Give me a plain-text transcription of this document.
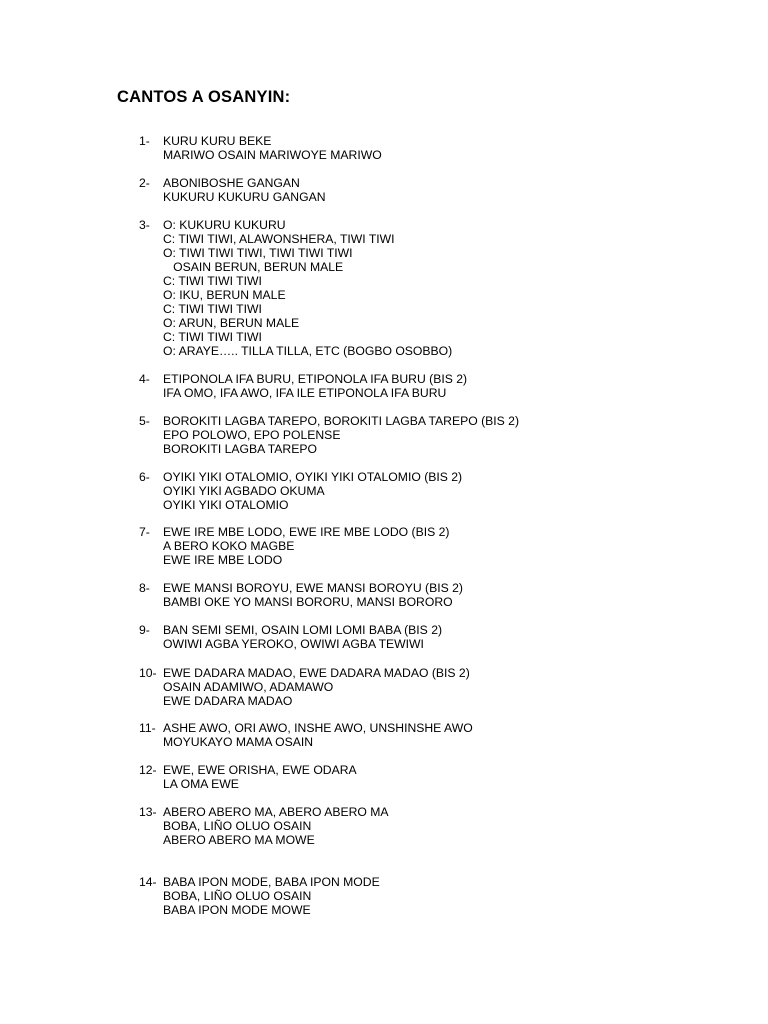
CANTOS A OSANYIN:
1- KURU KURU BEKE
MARIWO OSAIN MARIWOYE MARIWO
2- ABONIBOSHE GANGAN
KUKURU KUKURU GANGAN
3- O: KUKURU KUKURU
C: TIWI TIWI, ALAWONSHERA, TIWI TIWI
O: TIWI TIWI TIWI, TIWI TIWI TIWI
OSAIN BERUN, BERUN MALE
C: TIWI TIWI TIWI
O: IKU, BERUN MALE
C: TIWI TIWI TIWI
O: ARUN, BERUN MALE
C: TIWI TIWI TIWI
O: ARAYE….. TILLA TILLA, ETC (BOGBO OSOBBO)
4- ETIPONOLA IFA BURU, ETIPONOLA IFA BURU (BIS 2)
IFA OMO, IFA AWO, IFA ILE ETIPONOLA IFA BURU
5- BOROKITI LAGBA TAREPO, BOROKITI LAGBA TAREPO (BIS 2)
EPO POLOWO, EPO POLENSE
BOROKITI LAGBA TAREPO
6- OYIKI YIKI OTALOMIO, OYIKI YIKI OTALOMIO (BIS 2)
OYIKI YIKI AGBADO OKUMA
OYIKI YIKI OTALOMIO
7- EWE IRE MBE LODO, EWE IRE MBE LODO (BIS 2)
A BERO KOKO MAGBE
EWE IRE MBE LODO
8- EWE MANSI BOROYU, EWE MANSI BOROYU (BIS 2)
BAMBI OKE YO MANSI BORORU, MANSI BORORO
9- BAN SEMI SEMI, OSAIN LOMI LOMI BABA (BIS 2)
OWIWI AGBA YEROKO, OWIWI AGBA TEWIWI
10- EWE DADARA MADAO, EWE DADARA MADAO (BIS 2)
OSAIN ADAMIWO, ADAMAWO
EWE DADARA MADAO
11- ASHE AWO, ORI AWO, INSHE AWO, UNSHINSHE AWO
MOYUKAYO MAMA OSAIN
12- EWE, EWE ORISHA, EWE ODARA
LA OMA EWE
13- ABERO ABERO MA, ABERO ABERO MA
BOBA, LIÑO OLUO OSAIN
ABERO ABERO MA MOWE
14- BABA IPON MODE, BABA IPON MODE
BOBA, LIÑO OLUO OSAIN
BABA IPON MODE MOWE
